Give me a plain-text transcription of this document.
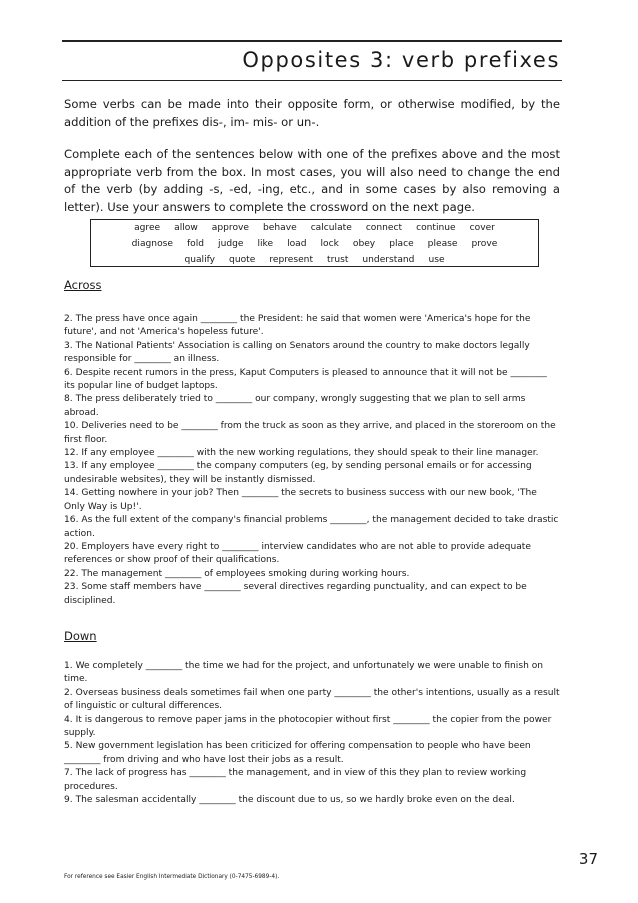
Opposites 3: verb prefixes

Some verbs can be made into their opposite form, or otherwise modified, by the addition of the prefixes dis-, im- mis- or un-.

Complete each of the sentences below with one of the prefixes above and the most appropriate verb from the box. In most cases, you will also need to change the end of the verb (by adding -s, -ed, -ing, etc., and in some cases by also removing a letter). Use your answers to complete the crossword on the next page.

agree allow approve behave calculate connect continue cover
diagnose fold judge like load lock obey place please prove
qualify quote represent trust understand use
Across
2. The press have once again ________ the President: he said that women were 'America's hope for the future', and not 'America's hopeless future'.
3. The National Patients' Association is calling on Senators around the country to make doctors legally responsible for ________ an illness.
6. Despite recent rumors in the press, Kaput Computers is pleased to announce that it will not be ________ its popular line of budget laptops.
8. The press deliberately tried to ________ our company, wrongly suggesting that we plan to sell arms abroad.
10. Deliveries need to be ________ from the truck as soon as they arrive, and placed in the storeroom on the first floor.
12. If any employee ________ with the new working regulations, they should speak to their line manager.
13. If any employee ________ the company computers (eg, by sending personal emails or for accessing undesirable websites), they will be instantly dismissed.
14. Getting nowhere in your job? Then ________ the secrets to business success with our new book, 'The Only Way is Up!'.
16. As the full extent of the company's financial problems ________, the management decided to take drastic action.
20. Employers have every right to ________ interview candidates who are not able to provide adequate references or show proof of their qualifications.
22. The management ________ of employees smoking during working hours.
23. Some staff members have ________ several directives regarding punctuality, and can expect to be disciplined.
Down
1. We completely ________ the time we had for the project, and unfortunately we were unable to finish on time.
2. Overseas business deals sometimes fail when one party ________ the other's intentions, usually as a result of linguistic or cultural differences.
4. It is dangerous to remove paper jams in the photocopier without first ________ the copier from the power supply.
5. New government legislation has been criticized for offering compensation to people who have been ________ from driving and who have lost their jobs as a result.
7. The lack of progress has ________ the management, and in view of this they plan to review working procedures.
9. The salesman accidentally ________ the discount due to us, so we hardly broke even on the deal.

37

For reference see Easier English Intermediate Dictionary (0-7475-6989-4).
